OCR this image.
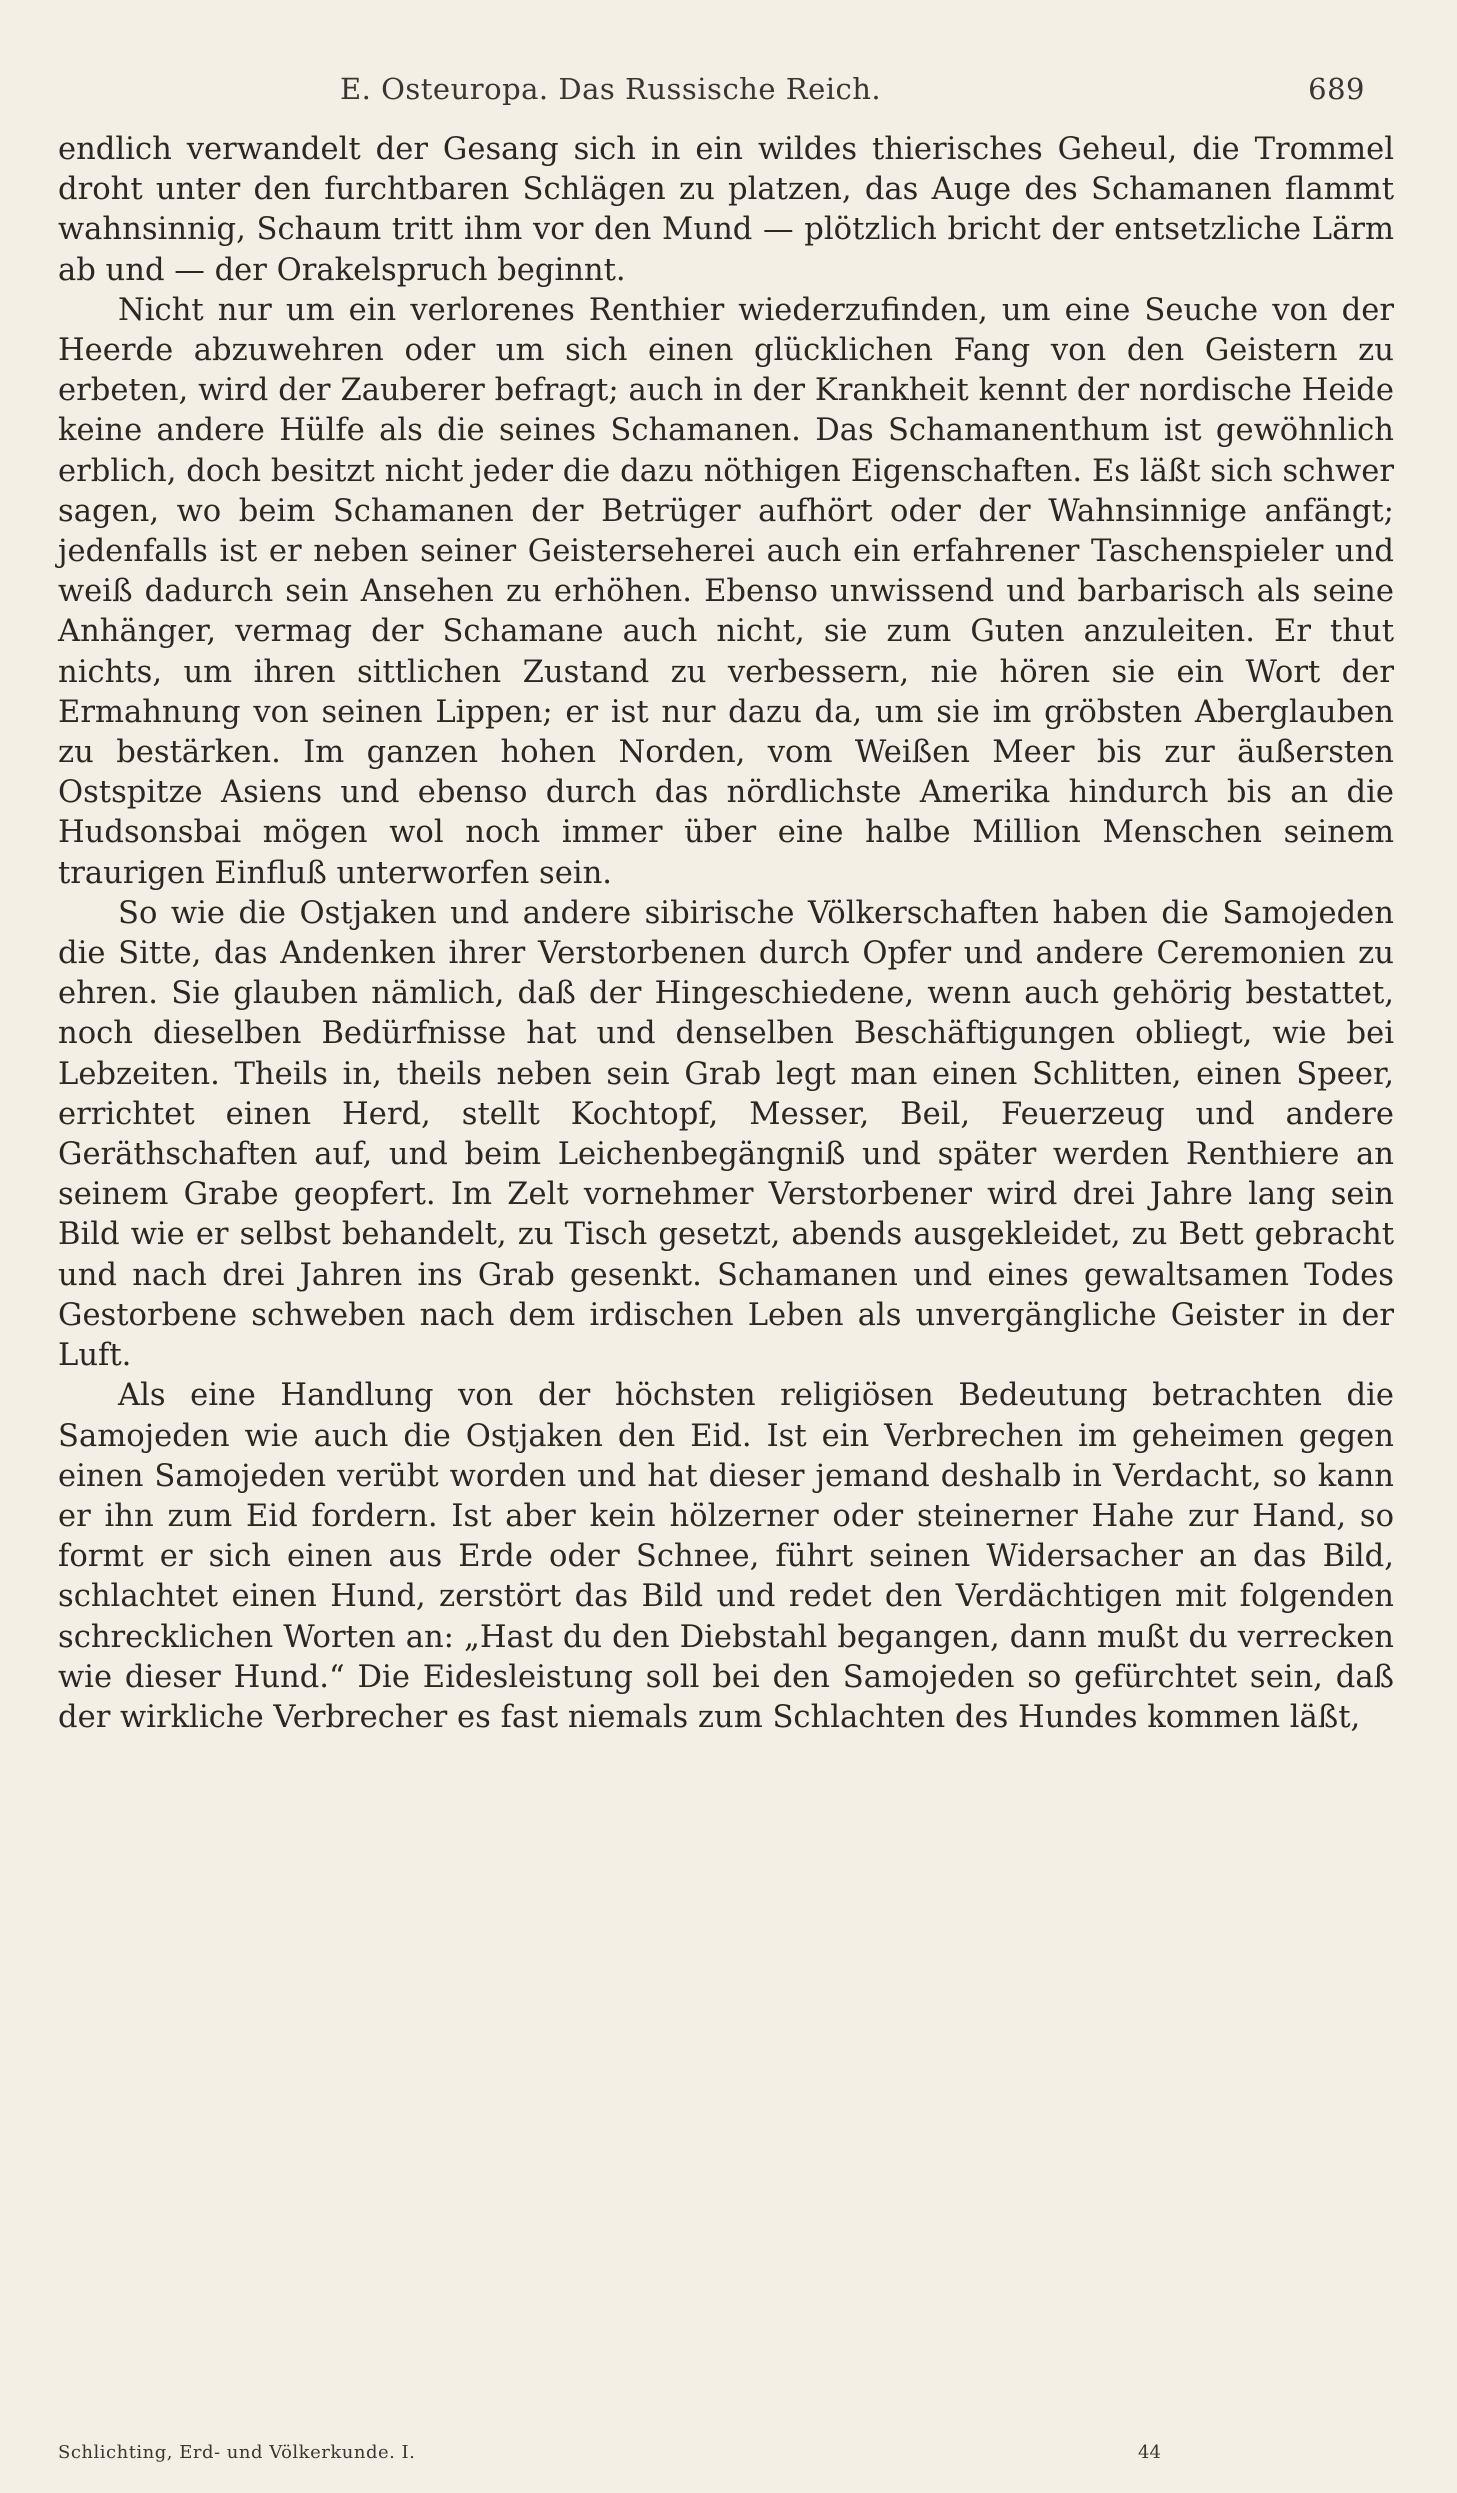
E. Osteuropa. Das Russische Reich.	689

endlich verwandelt der Gesang sich in ein wildes thierisches Geheul, die Trommel droht unter den furchtbaren Schlägen zu platzen, das Auge des Schamanen flammt wahnsinnig, Schaum tritt ihm vor den Mund — plötzlich bricht der entsetzliche Lärm ab und — der Orakelspruch beginnt.

Nicht nur um ein verlorenes Renthier wiederzufinden, um eine Seuche von der Heerde abzuwehren oder um sich einen glücklichen Fang von den Geistern zu erbeten, wird der Zauberer befragt; auch in der Krankheit kennt der nordische Heide keine andere Hülfe als die seines Schamanen. Das Schamanenthum ist gewöhnlich erblich, doch besitzt nicht jeder die dazu nöthigen Eigenschaften. Es läßt sich schwer sagen, wo beim Schamanen der Betrüger aufhört oder der Wahnsinnige anfängt; jedenfalls ist er neben seiner Geisterseherei auch ein erfahrener Taschenspieler und weiß dadurch sein Ansehen zu erhöhen. Ebenso unwissend und barbarisch als seine Anhänger, vermag der Schamane auch nicht, sie zum Guten anzuleiten. Er thut nichts, um ihren sittlichen Zustand zu verbessern, nie hören sie ein Wort der Ermahnung von seinen Lippen; er ist nur dazu da, um sie im gröbsten Aberglauben zu bestärken. Im ganzen hohen Norden, vom Weißen Meer bis zur äußersten Ostspitze Asiens und ebenso durch das nördlichste Amerika hindurch bis an die Hudsonsbai mögen wol noch immer über eine halbe Million Menschen seinem traurigen Einfluß unterworfen sein.

So wie die Ostjaken und andere sibirische Völkerschaften haben die Samojeden die Sitte, das Andenken ihrer Verstorbenen durch Opfer und andere Ceremonien zu ehren. Sie glauben nämlich, daß der Hingeschiedene, wenn auch gehörig bestattet, noch dieselben Bedürfnisse hat und denselben Beschäftigungen obliegt, wie bei Lebzeiten. Theils in, theils neben sein Grab legt man einen Schlitten, einen Speer, errichtet einen Herd, stellt Kochtopf, Messer, Beil, Feuerzeug und andere Geräthschaften auf, und beim Leichenbegängniß und später werden Renthiere an seinem Grabe geopfert. Im Zelt vornehmer Verstorbener wird drei Jahre lang sein Bild wie er selbst behandelt, zu Tisch gesetzt, abends ausgekleidet, zu Bett gebracht und nach drei Jahren ins Grab gesenkt. Schamanen und eines gewaltsamen Todes Gestorbene schweben nach dem irdischen Leben als unvergängliche Geister in der Luft.

Als eine Handlung von der höchsten religiösen Bedeutung betrachten die Samojeden wie auch die Ostjaken den Eid. Ist ein Verbrechen im geheimen gegen einen Samojeden verübt worden und hat dieser jemand deshalb in Verdacht, so kann er ihn zum Eid fordern. Ist aber kein hölzerner oder steinerner Hahe zur Hand, so formt er sich einen aus Erde oder Schnee, führt seinen Widersacher an das Bild, schlachtet einen Hund, zerstört das Bild und redet den Verdächtigen mit folgenden schrecklichen Worten an: „Hast du den Diebstahl begangen, dann mußt du verrecken wie dieser Hund.“ Die Eidesleistung soll bei den Samojeden so gefürchtet sein, daß der wirkliche Verbrecher es fast niemals zum Schlachten des Hundes kommen läßt,

Schlichting, Erd- und Völkerkunde. I.	44
